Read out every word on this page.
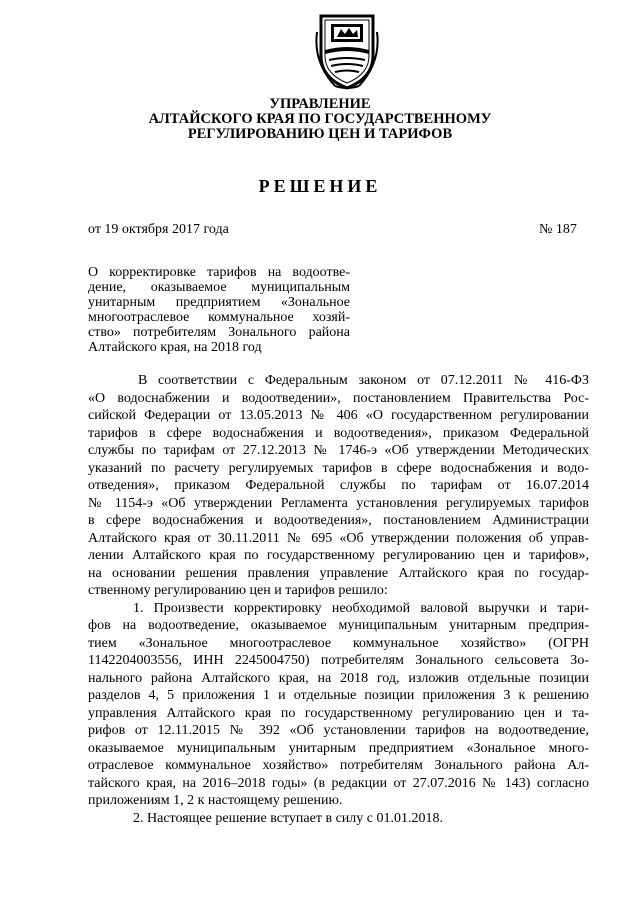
УПРАВЛЕНИЕ
АЛТАЙСКОГО КРАЯ ПО ГОСУДАРСТВЕННОМУ
РЕГУЛИРОВАНИЮ ЦЕН И ТАРИФОВ
РЕШЕНИЕ
от 19 октября 2017 года	№ 187
О корректировке тарифов на водоотве-
дение, оказываемое муниципальным
унитарным предприятием «Зональное
многоотраслевое коммунальное хозяй-
ство» потребителям Зонального района
Алтайского края, на 2018 год
В соответствии с Федеральным законом от 07.12.2011 № 416-ФЗ
«О водоснабжении и водоотведении», постановлением Правительства Рос-
сийской Федерации от 13.05.2013 № 406 «О государственном регулировании
тарифов в сфере водоснабжения и водоотведения», приказом Федеральной
службы по тарифам от 27.12.2013 № 1746-э «Об утверждении Методических
указаний по расчету регулируемых тарифов в сфере водоснабжения и водо-
отведения», приказом Федеральной службы по тарифам от 16.07.2014
№ 1154-э «Об утверждении Регламента установления регулируемых тарифов
в сфере водоснабжения и водоотведения», постановлением Администрации
Алтайского края от 30.11.2011 № 695 «Об утверждении положения об управ-
лении Алтайского края по государственному регулированию цен и тарифов»,
на основании решения правления управление Алтайского края по государ-
ственному регулированию цен и тарифов решило:
1. Произвести корректировку необходимой валовой выручки и тари-
фов на водоотведение, оказываемое муниципальным унитарным предприя-
тием «Зональное многоотраслевое коммунальное хозяйство» (ОГРН
1142204003556, ИНН 2245004750) потребителям Зонального сельсовета Зо-
нального района Алтайского края, на 2018 год, изложив отдельные позиции
разделов 4, 5 приложения 1 и отдельные позиции приложения 3 к решению
управления Алтайского края по государственному регулированию цен и та-
рифов от 12.11.2015 № 392 «Об установлении тарифов на водоотведение,
оказываемое муниципальным унитарным предприятием «Зональное много-
отраслевое коммунальное хозяйство» потребителям Зонального района Ал-
тайского края, на 2016–2018 годы» (в редакции от 27.07.2016 № 143) согласно
приложениям 1, 2 к настоящему решению.
2. Настоящее решение вступает в силу с 01.01.2018.
